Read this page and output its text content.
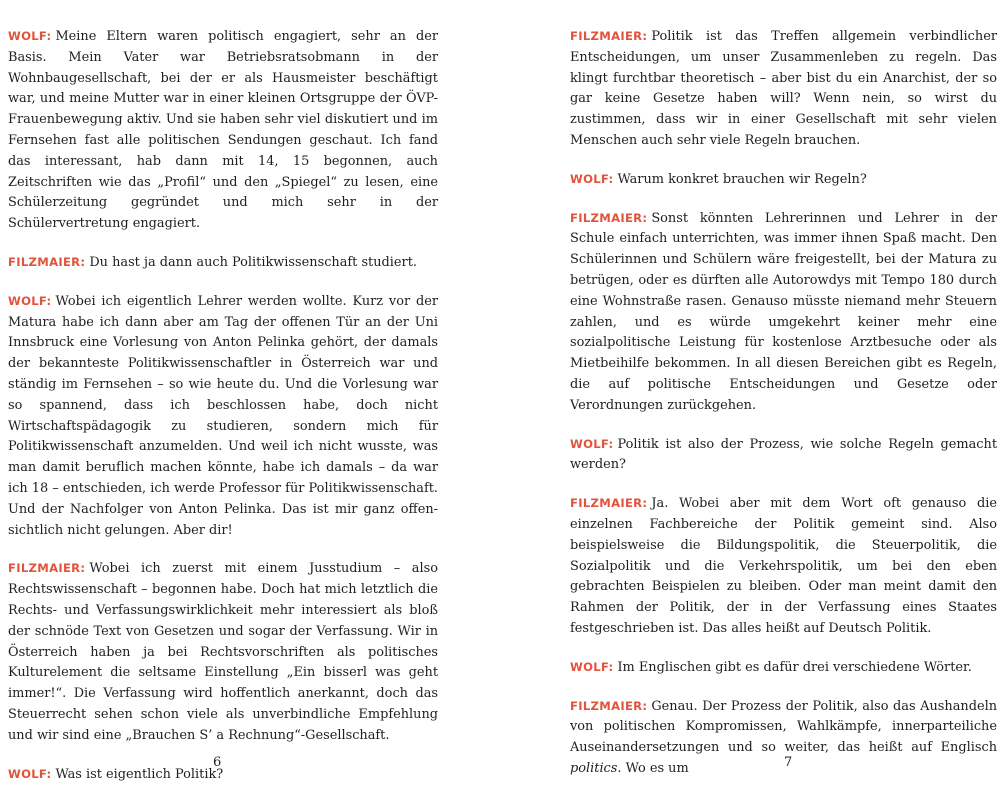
WOLF: Meine Eltern waren politisch engagiert, sehr an der Basis. Mein Vater war Betriebsratsobmann in der Wohnbaugesellschaft, bei der er als Hausmeister beschäftigt war, und meine Mutter war in einer kleinen Ortsgruppe der ÖVP-Frauenbewegung aktiv. Und sie haben sehr viel diskutiert und im Fernsehen fast alle politischen Sendungen geschaut. Ich fand das interessant, hab dann mit 14, 15 begonnen, auch Zeitschriften wie das „Profil“ und den „Spiegel“ zu lesen, eine Schülerzeitung gegründet und mich sehr in der Schülervertretung engagiert.

FILZMAIER: Du hast ja dann auch Politikwissenschaft studiert.

WOLF: Wobei ich eigentlich Lehrer werden wollte. Kurz vor der Matura habe ich dann aber am Tag der offenen Tür an der Uni Innsbruck eine Vorlesung von Anton Pelinka gehört, der damals der bekannteste Politikwissenschaftler in Österreich war und ständig im Fernsehen – so wie heute du. Und die Vorlesung war so spannend, dass ich beschlossen habe, doch nicht Wirtschaftspädagogik zu studieren, sondern mich für Politikwissenschaft anzumelden. Und weil ich nicht wusste, was man damit beruflich machen könnte, habe ich damals – da war ich 18 – entschieden, ich werde Professor für Politikwissenschaft. Und der Nachfolger von Anton Pelinka. Das ist mir ganz offensichtlich nicht gelungen. Aber dir!

FILZMAIER: Wobei ich zuerst mit einem Jusstudium – also Rechtswissenschaft – begonnen habe. Doch hat mich letztlich die Rechts- und Verfassungswirklichkeit mehr interessiert als bloß der schnöde Text von Gesetzen und sogar der Verfassung. Wir in Österreich haben ja bei Rechtsvorschriften als politisches Kulturelement die seltsame Einstellung „Ein bisserl was geht immer!“. Die Verfassung wird hoffentlich anerkannt, doch das Steuerrecht sehen schon viele als unverbindliche Empfehlung und wir sind eine „Brauchen S’ a Rechnung“-Gesellschaft.

WOLF: Was ist eigentlich Politik?

FILZMAIER: Politik ist das Treffen allgemein verbindlicher Entscheidungen, um unser Zusammenleben zu regeln. Das klingt furchtbar theoretisch – aber bist du ein Anarchist, der so gar keine Gesetze haben will? Wenn nein, so wirst du zustimmen, dass wir in einer Gesellschaft mit sehr vielen Menschen auch sehr viele Regeln brauchen.

WOLF: Warum konkret brauchen wir Regeln?

FILZMAIER: Sonst könnten Lehrerinnen und Lehrer in der Schule einfach unterrichten, was immer ihnen Spaß macht. Den Schülerinnen und Schülern wäre freigestellt, bei der Matura zu betrügen, oder es dürften alle Autorowdys mit Tempo 180 durch eine Wohnstraße rasen. Genauso müsste niemand mehr Steuern zahlen, und es würde umgekehrt keiner mehr eine sozialpolitische Leistung für kostenlose Arztbesuche oder als Mietbeihilfe bekommen. In all diesen Bereichen gibt es Regeln, die auf politische Entscheidungen und Gesetze oder Verordnungen zurückgehen.

WOLF: Politik ist also der Prozess, wie solche Regeln gemacht werden?

FILZMAIER: Ja. Wobei aber mit dem Wort oft genauso die einzelnen Fachbereiche der Politik gemeint sind. Also beispielsweise die Bildungspolitik, die Steuerpolitik, die Sozialpolitik und die Verkehrspolitik, um bei den eben gebrachten Beispielen zu bleiben. Oder man meint damit den Rahmen der Politik, der in der Verfassung eines Staates festgeschrieben ist. Das alles heißt auf Deutsch Politik.

WOLF: Im Englischen gibt es dafür drei verschiedene Wörter.

FILZMAIER: Genau. Der Prozess der Politik, also das Aushandeln von politischen Kompromissen, Wahlkämpfe, innerparteiliche Auseinandersetzungen und so weiter, das heißt auf Englisch politics. Wo es um

6	7
